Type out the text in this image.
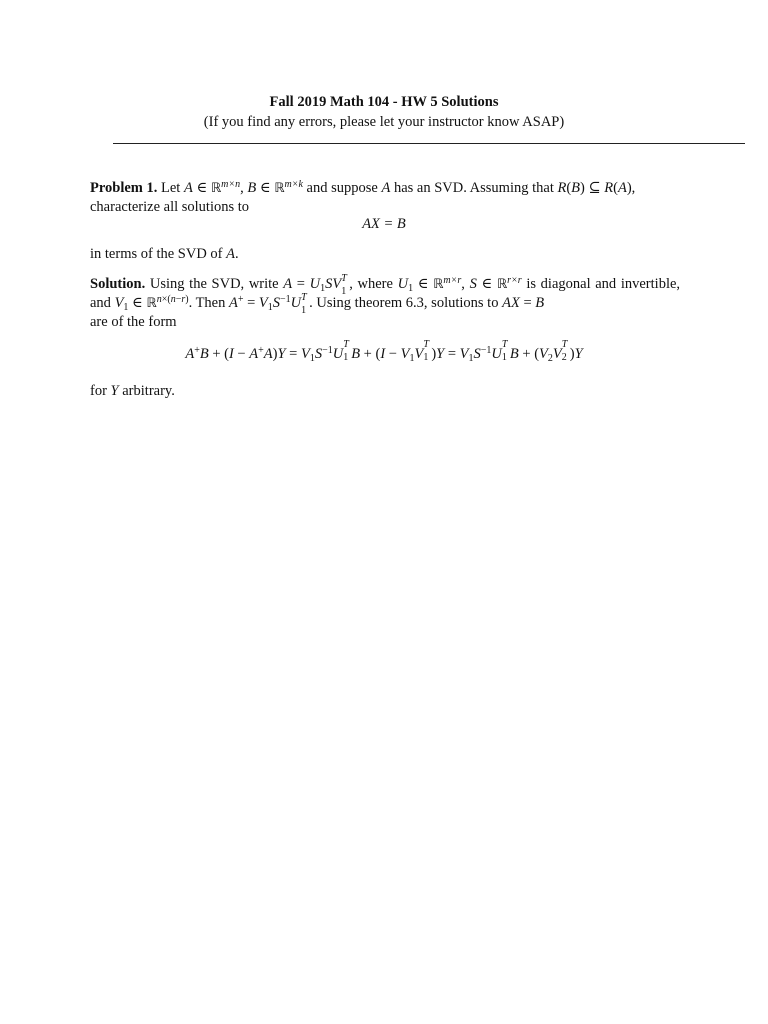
Fall 2019 Math 104 - HW 5 Solutions
(If you find any errors, please let your instructor know ASAP)
Problem 1. Let A ∈ ℝ$^{m\times n}$, B ∈ ℝ$^{m\times k}$ and suppose A has an SVD. Assuming that R(B) ⊆ R(A),
characterize all solutions to
AX = B
in terms of the SVD of A.
Solution. Using the SVD, write $A = U_1SV$ T
1 , where $U_1$ ∈ ℝ$^{m\times r}$, S ∈ ℝ$^{r\times r}$ is diagonal and invertible, and $V_1$ ∈ ℝ$^{n\times(n-r)}$. Then $A^+ = V_1S^{-1}U$ T
1 . Using theorem 6.3, solutions to AX = B
are of the form
$A^+B + (I - A^+A)Y = V_1S^{-1}U$
T
1 $B + (I - V_1V$
T
1 )$Y = V_1S^{-1}U$
T
1 $B + (V_2V$
T
2 )Y
for Y arbitrary.
